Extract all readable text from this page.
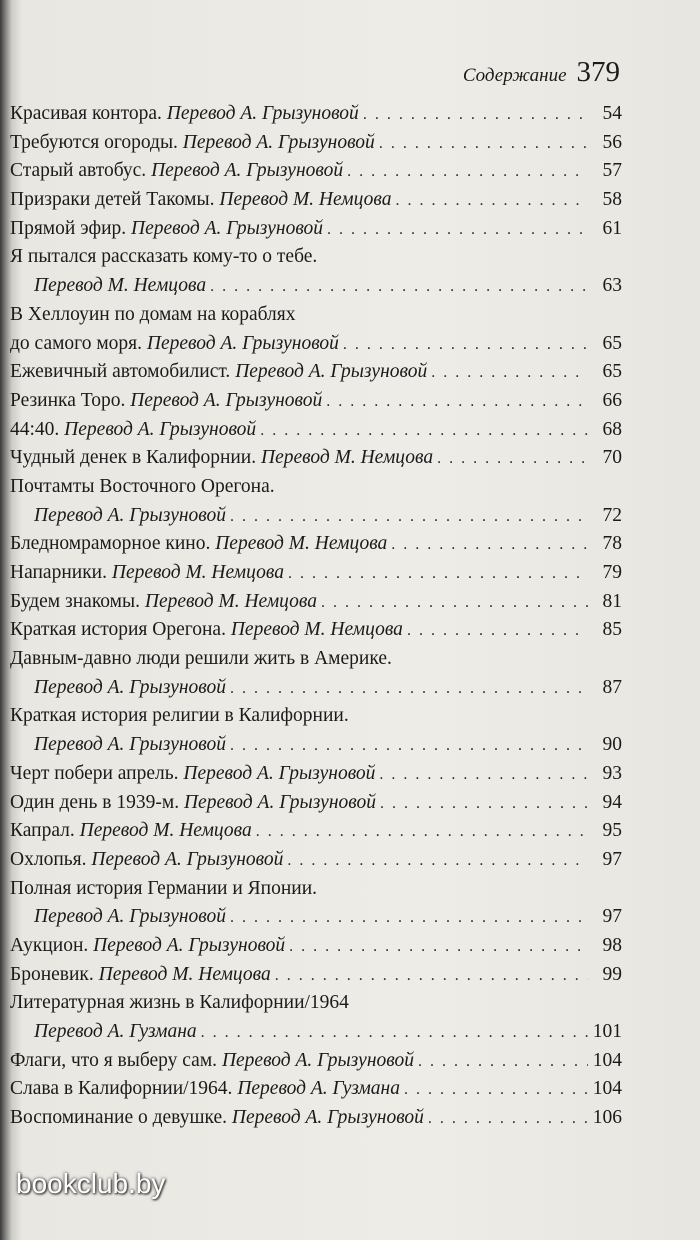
Содержание 379
Красивая контора. Перевод А. Грызуновой . . .	54
Требуются огороды. Перевод А. Грызуновой . . .	56
Старый автобус. Перевод А. Грызуновой . . .	57
Призраки детей Такомы. Перевод М. Немцова . . .	58
Прямой эфир. Перевод А. Грызуновой . . .	61
Я пытался рассказать кому-то о тебе.
Перевод М. Немцова . . .	63
В Хеллоуин по домам на кораблях
до самого моря. Перевод А. Грызуновой . . .	65
Ежевичный автомобилист. Перевод А. Грызуновой . . .	65
Резинка Торо. Перевод А. Грызуновой . . .	66
44:40. Перевод А. Грызуновой . . .	68
Чудный денек в Калифорнии. Перевод М. Немцова . . .	70
Почтамты Восточного Орегона.
Перевод А. Грызуновой . . .	72
Бледномраморное кино. Перевод М. Немцова . . .	78
Напарники. Перевод М. Немцова . . .	79
Будем знакомы. Перевод М. Немцова . . .	81
Краткая история Орегона. Перевод М. Немцова . . .	85
Давным-давно люди решили жить в Америке.
Перевод А. Грызуновой . . .	87
Краткая история религии в Калифорнии.
Перевод А. Грызуновой . . .	90
Черт побери апрель. Перевод А. Грызуновой . . .	93
Один день в 1939-м. Перевод А. Грызуновой . . .	94
Капрал. Перевод М. Немцова . . .	95
Охлопья. Перевод А. Грызуновой . . .	97
Полная история Германии и Японии.
Перевод А. Грызуновой . . .	97
Аукцион. Перевод А. Грызуновой . . .	98
Броневик. Перевод М. Немцова . . .	99
Литературная жизнь в Калифорнии/1964
Перевод А. Гузмана . . .	101
Флаги, что я выберу сам. Перевод А. Грызуновой . . .	104
Слава в Калифорнии/1964. Перевод А. Гузмана . . .	104
Воспоминание о девушке. Перевод А. Грызуновой . . .	106
bookclub.by
